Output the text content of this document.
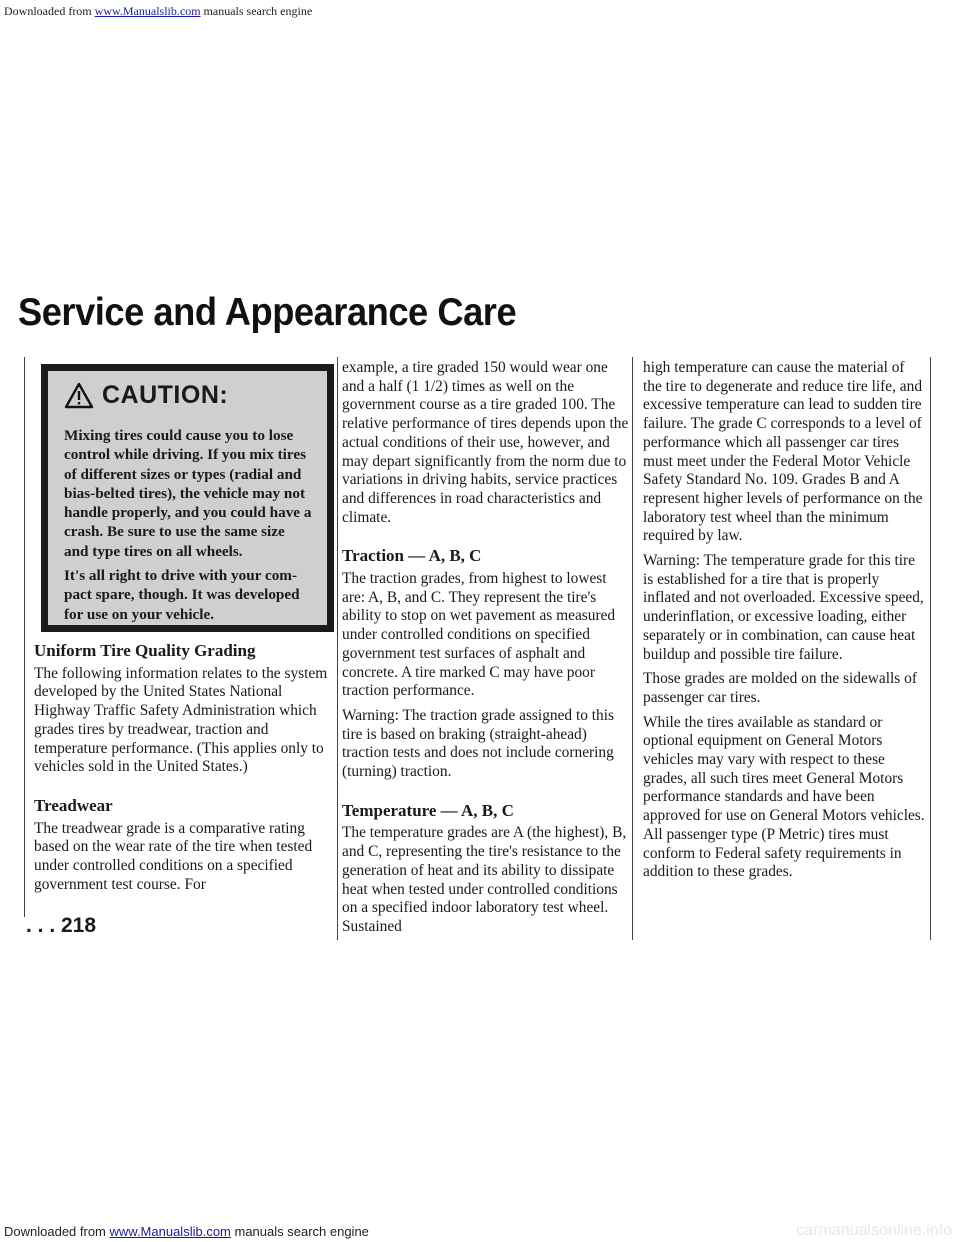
Downloaded from www.Manualslib.com manuals search engine
Service and Appearance Care
CAUTION:

Mixing tires could cause you to lose control while driving. If you mix tires of different sizes or types (radial and bias-belted tires), the vehicle may not handle properly, and you could have a crash. Be sure to use the same size and type tires on all wheels.

It's all right to drive with your com-pact spare, though. It was developed for use on your vehicle.

Uniform Tire Quality Grading

The following information relates to the system developed by the United States National Highway Traffic Safety Administration which grades tires by treadwear, traction and temperature performance. (This applies only to vehicles sold in the United States.)

Treadwear

The treadwear grade is a comparative rating based on the wear rate of the tire when tested under controlled conditions on a specified government test course. For

example, a tire graded 150 would wear one and a half (1 1/2) times as well on the government course as a tire graded 100. The relative performance of tires depends upon the actual conditions of their use, however, and may depart significantly from the norm due to variations in driving habits, service practices and differences in road characteristics and climate.

Traction — A, B, C

The traction grades, from highest to lowest are: A, B, and C. They represent the tire's ability to stop on wet pavement as measured under controlled conditions on specified government test surfaces of asphalt and concrete. A tire marked C may have poor traction performance.

Warning: The traction grade assigned to this tire is based on braking (straight-ahead) traction tests and does not include cornering (turning) traction.

Temperature — A, B, C

The temperature grades are A (the highest), B, and C, representing the tire's resistance to the generation of heat and its ability to dissipate heat when tested under controlled conditions on a specified indoor laboratory test wheel. Sustained

high temperature can cause the material of the tire to degenerate and reduce tire life, and excessive temperature can lead to sudden tire failure. The grade C corresponds to a level of performance which all passenger car tires must meet under the Federal Motor Vehicle Safety Standard No. 109. Grades B and A represent higher levels of performance on the laboratory test wheel than the minimum required by law.

Warning: The temperature grade for this tire is established for a tire that is properly inflated and not overloaded. Excessive speed, underinflation, or excessive loading, either separately or in combination, can cause heat buildup and possible tire failure.

Those grades are molded on the sidewalls of passenger car tires.

While the tires available as standard or optional equipment on General Motors vehicles may vary with respect to these grades, all such tires meet General Motors performance standards and have been approved for use on General Motors vehicles. All passenger type (P Metric) tires must conform to Federal safety requirements in addition to these grades.

. . . 218
Downloaded from www.Manualslib.com manuals search engine	carmanualsonline.info
